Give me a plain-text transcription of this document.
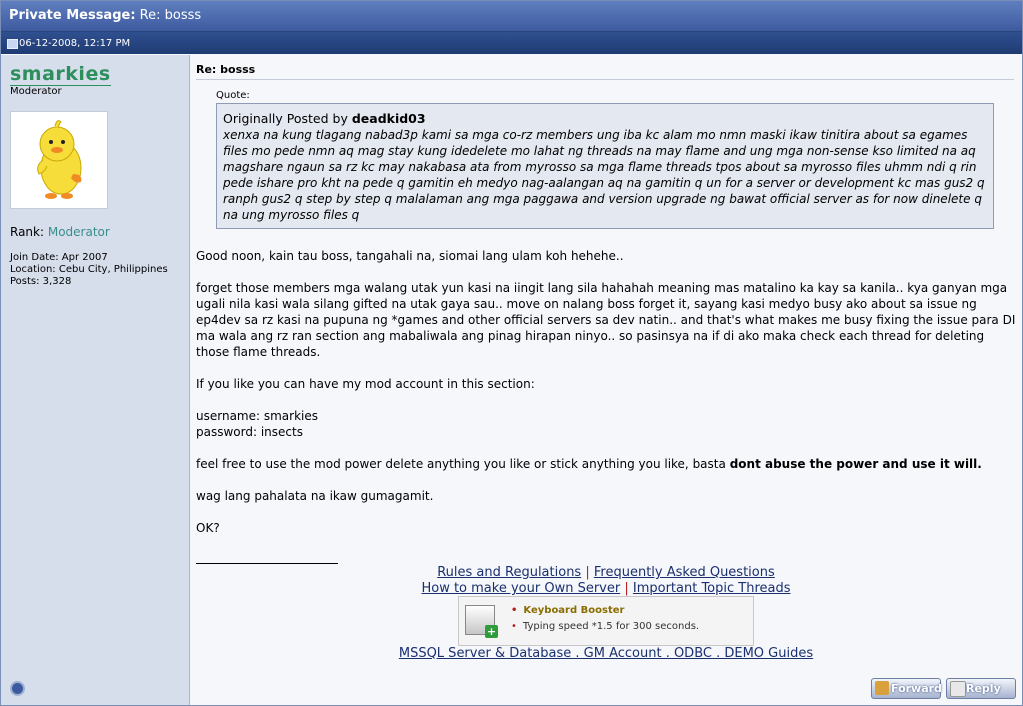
Private Message: Re: bosss
06-12-2008, 12:17 PM
smarkies
Moderator
Rank: Moderator
Join Date: Apr 2007
Location: Cebu City, Philippines
Posts: 3,328
Re: bosss
Quote:
Originally Posted by deadkid03
xenxa na kung tlagang nabad3p kami sa mga co-rz members ung iba kc alam mo nmn maski ikaw tinitira about sa egames files mo pede nmn aq mag stay kung idedelete mo lahat ng threads na may flame and ung mga non-sense kso limited na aq magshare ngaun sa rz kc may nakabasa ata from myrosso sa mga flame threads tpos about sa myrosso files uhmm ndi q rin pede ishare pro kht na pede q gamitin eh medyo nag-aalangan aq na gamitin q un for a server or development kc mas gus2 q ranph gus2 q step by step q malalaman ang mga paggawa and version upgrade ng bawat official server as for now dinelete q na ung myrosso files q

Good noon, kain tau boss, tangahali na, siomai lang ulam koh hehehe..

forget those members mga walang utak yun kasi na iingit lang sila hahahah meaning mas matalino ka kay sa kanila.. kya ganyan mga ugali nila kasi wala silang gifted na utak gaya sau.. move on nalang boss forget it, sayang kasi medyo busy ako about sa issue ng ep4dev sa rz kasi na pupuna ng *games and other official servers sa dev natin.. and that's what makes me busy fixing the issue para DI ma wala ang rz ran section ang mabaliwala ang pinag hirapan ninyo.. so pasinsya na if di ako maka check each thread for deleting those flame threads.

If you like you can have my mod account in this section:

username: smarkies
password: insects

feel free to use the mod power delete anything you like or stick anything you like, basta dont abuse the power and use it will.

wag lang pahalata na ikaw gumagamit.

OK?

Rules and Regulations | Frequently Asked Questions
How to make your Own Server | Important Topic Threads
+
• Keyboard Booster
• Typing speed *1.5 for 300 seconds.
MSSQL Server & Database . GM Account . ODBC . DEMO Guides
Forward Reply
